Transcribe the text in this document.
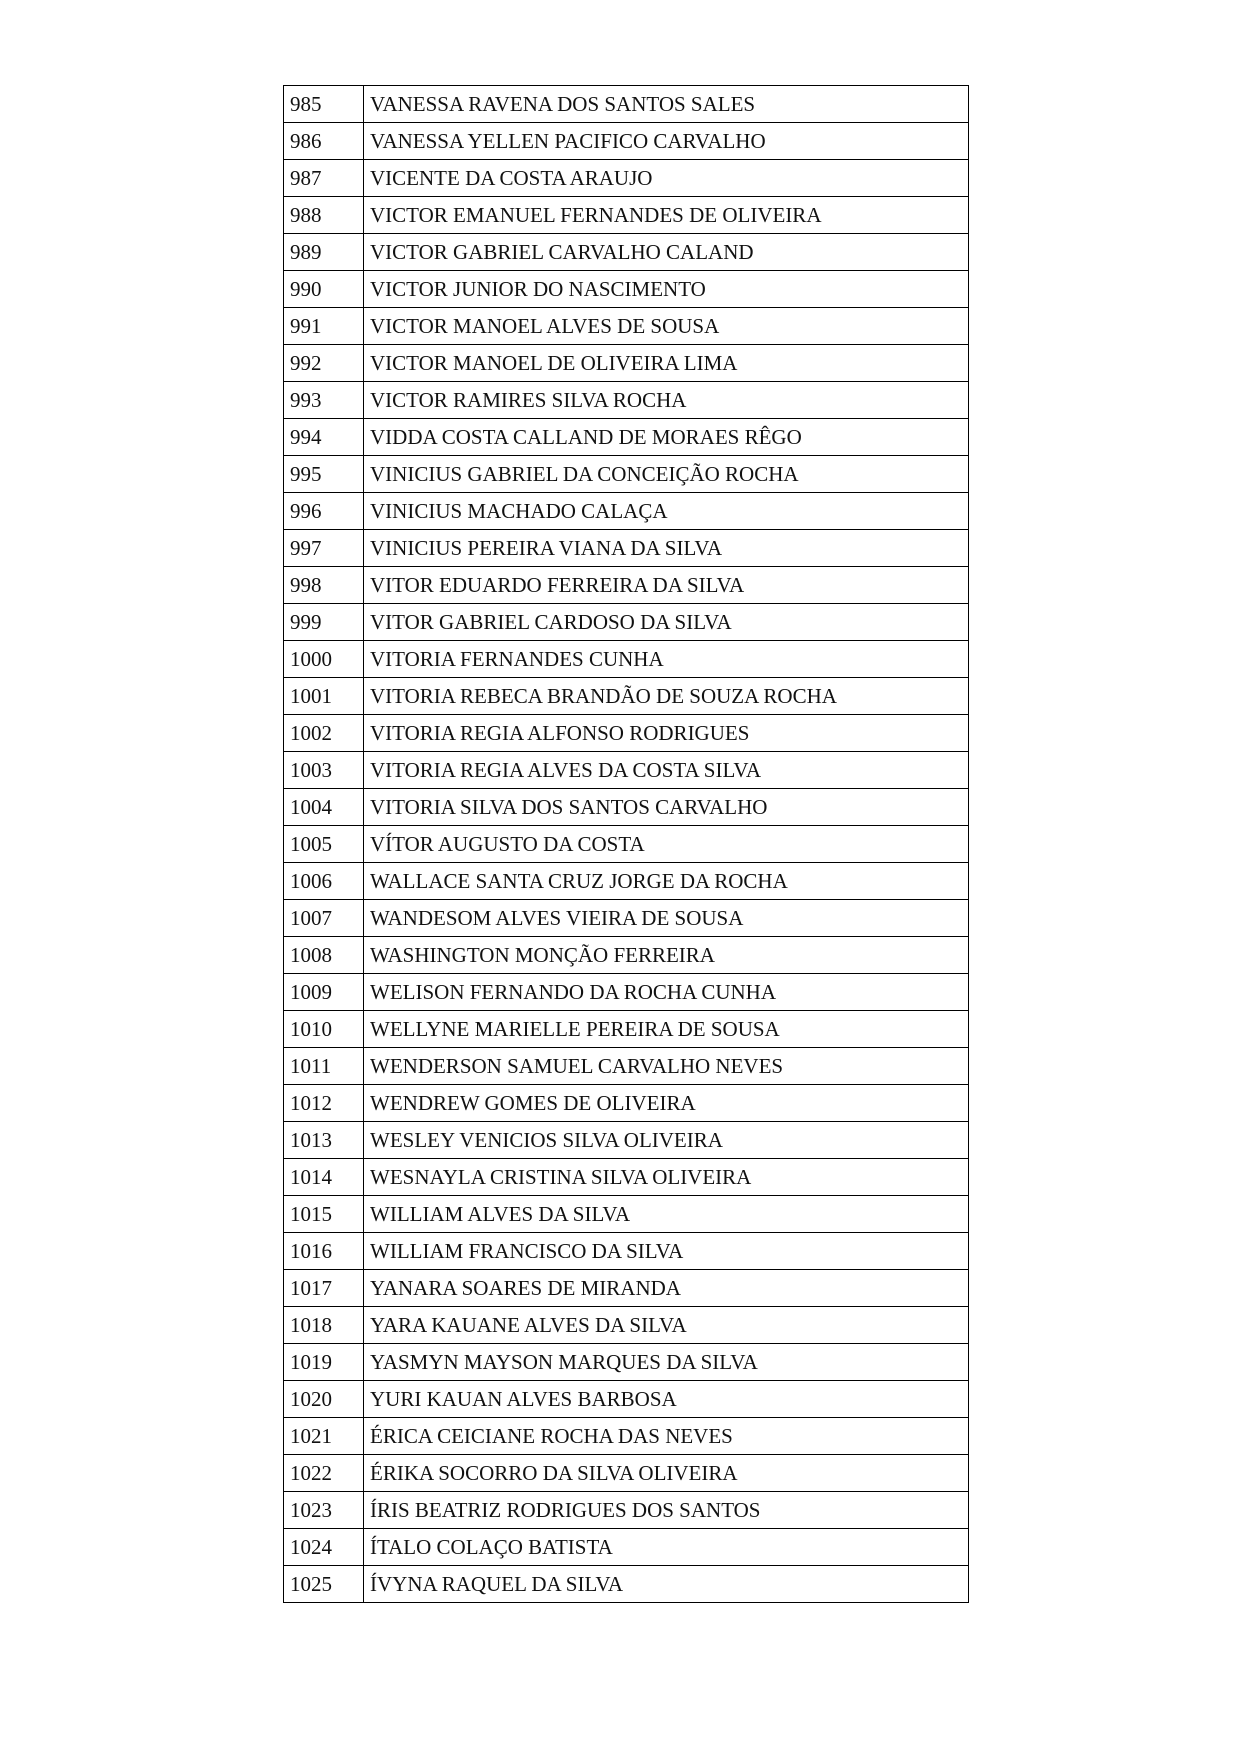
985	VANESSA RAVENA DOS SANTOS SALES
986	VANESSA YELLEN PACIFICO CARVALHO
987	VICENTE DA COSTA ARAUJO
988	VICTOR EMANUEL FERNANDES DE OLIVEIRA
989	VICTOR GABRIEL CARVALHO CALAND
990	VICTOR JUNIOR DO NASCIMENTO
991	VICTOR MANOEL ALVES DE SOUSA
992	VICTOR MANOEL DE OLIVEIRA LIMA
993	VICTOR RAMIRES SILVA ROCHA
994	VIDDA COSTA CALLAND DE MORAES RÊGO
995	VINICIUS GABRIEL DA CONCEIÇÃO ROCHA
996	VINICIUS MACHADO CALAÇA
997	VINICIUS PEREIRA VIANA DA SILVA
998	VITOR EDUARDO FERREIRA DA SILVA
999	VITOR GABRIEL CARDOSO DA SILVA
1000	VITORIA FERNANDES CUNHA
1001	VITORIA REBECA BRANDÃO DE SOUZA ROCHA
1002	VITORIA REGIA ALFONSO RODRIGUES
1003	VITORIA REGIA ALVES DA COSTA SILVA
1004	VITORIA SILVA DOS SANTOS CARVALHO
1005	VÍTOR AUGUSTO DA COSTA
1006	WALLACE SANTA CRUZ JORGE DA ROCHA
1007	WANDESOM ALVES VIEIRA DE SOUSA
1008	WASHINGTON MONÇÃO FERREIRA
1009	WELISON FERNANDO DA ROCHA CUNHA
1010	WELLYNE MARIELLE PEREIRA DE SOUSA
1011	WENDERSON SAMUEL CARVALHO NEVES
1012	WENDREW GOMES DE OLIVEIRA
1013	WESLEY VENICIOS SILVA OLIVEIRA
1014	WESNAYLA CRISTINA SILVA OLIVEIRA
1015	WILLIAM ALVES DA SILVA
1016	WILLIAM FRANCISCO DA SILVA
1017	YANARA SOARES DE MIRANDA
1018	YARA KAUANE ALVES DA SILVA
1019	YASMYN MAYSON MARQUES DA SILVA
1020	YURI KAUAN ALVES BARBOSA
1021	ÉRICA CEICIANE ROCHA DAS NEVES
1022	ÉRIKA SOCORRO DA SILVA OLIVEIRA
1023	ÍRIS BEATRIZ RODRIGUES DOS SANTOS
1024	ÍTALO COLAÇO BATISTA
1025	ÍVYNA RAQUEL DA SILVA
